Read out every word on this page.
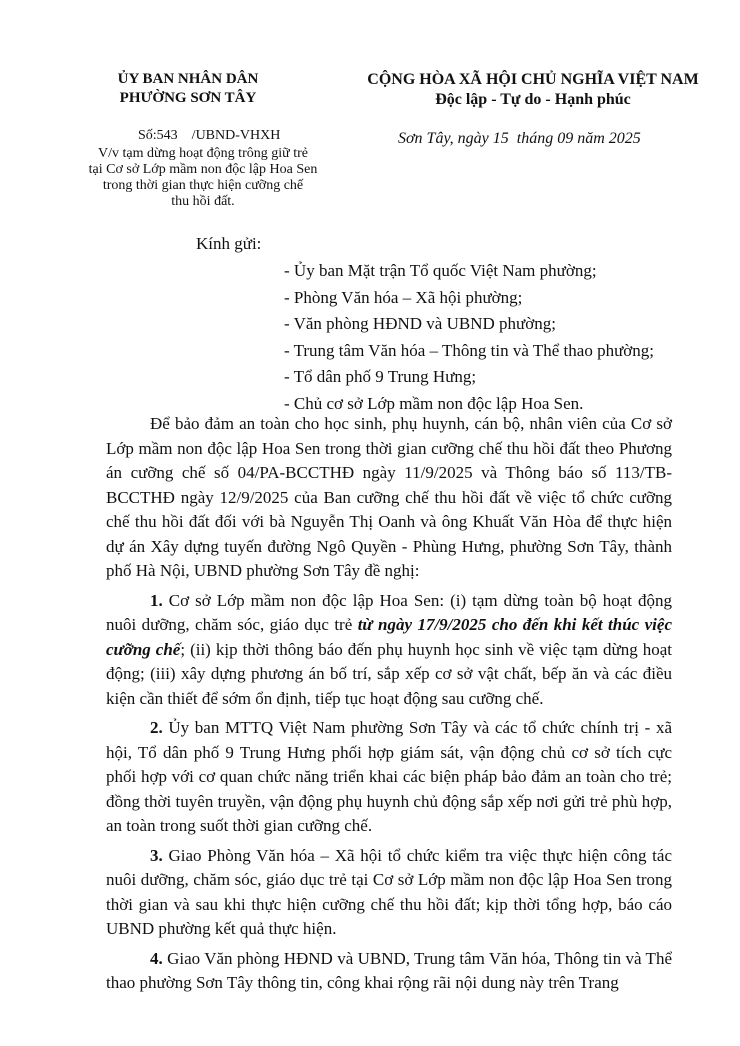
ỦY BAN NHÂN DÂN
PHƯỜNG SƠN TÂY
CỘNG HÒA XÃ HỘI CHỦ NGHĨA VIỆT NAM
Độc lập - Tự do - Hạnh phúc
Số:543    /UBND-VHXH
V/v tạm dừng hoạt động trông giữ trẻ
tại Cơ sở Lớp mầm non độc lập Hoa Sen
trong thời gian thực hiện cưỡng chế
thu hồi đất.
Sơn Tây, ngày 15  tháng 09 năm 2025
Kính gửi:
- Ủy ban Mặt trận Tổ quốc Việt Nam phường;
- Phòng Văn hóa – Xã hội phường;
- Văn phòng HĐND và UBND phường;
- Trung tâm Văn hóa – Thông tin và Thể thao phường;
- Tổ dân phố 9 Trung Hưng;
- Chủ cơ sở Lớp mầm non độc lập Hoa Sen.

Để bảo đảm an toàn cho học sinh, phụ huynh, cán bộ, nhân viên của Cơ sở Lớp mầm non độc lập Hoa Sen trong thời gian cưỡng chế thu hồi đất theo Phương án cưỡng chế số 04/PA-BCCTHĐ ngày 11/9/2025 và Thông báo số 113/TB-BCCTHĐ ngày 12/9/2025 của Ban cưỡng chế thu hồi đất về việc tổ chức cưỡng chế thu hồi đất đối với bà Nguyễn Thị Oanh và ông Khuất Văn Hòa để thực hiện dự án Xây dựng tuyến đường Ngô Quyền - Phùng Hưng, phường Sơn Tây, thành phố Hà Nội, UBND phường Sơn Tây đề nghị:

1. Cơ sở Lớp mầm non độc lập Hoa Sen: (i) tạm dừng toàn bộ hoạt động nuôi dưỡng, chăm sóc, giáo dục trẻ từ ngày 17/9/2025 cho đến khi kết thúc việc cưỡng chế; (ii) kịp thời thông báo đến phụ huynh học sinh về việc tạm dừng hoạt động; (iii) xây dựng phương án bố trí, sắp xếp cơ sở vật chất, bếp ăn và các điều kiện cần thiết để sớm ổn định, tiếp tục hoạt động sau cưỡng chế.

2. Ủy ban MTTQ Việt Nam phường Sơn Tây và các tổ chức chính trị - xã hội, Tổ dân phố 9 Trung Hưng phối hợp giám sát, vận động chủ cơ sở tích cực phối hợp với cơ quan chức năng triển khai các biện pháp bảo đảm an toàn cho trẻ; đồng thời tuyên truyền, vận động phụ huynh chủ động sắp xếp nơi gửi trẻ phù hợp, an toàn trong suốt thời gian cưỡng chế.

3. Giao Phòng Văn hóa – Xã hội tổ chức kiểm tra việc thực hiện công tác nuôi dưỡng, chăm sóc, giáo dục trẻ tại Cơ sở Lớp mầm non độc lập Hoa Sen trong thời gian và sau khi thực hiện cưỡng chế thu hồi đất; kịp thời tổng hợp, báo cáo UBND phường kết quả thực hiện.

4. Giao Văn phòng HĐND và UBND, Trung tâm Văn hóa, Thông tin và Thể thao phường Sơn Tây thông tin, công khai rộng rãi nội dung này trên Trang
